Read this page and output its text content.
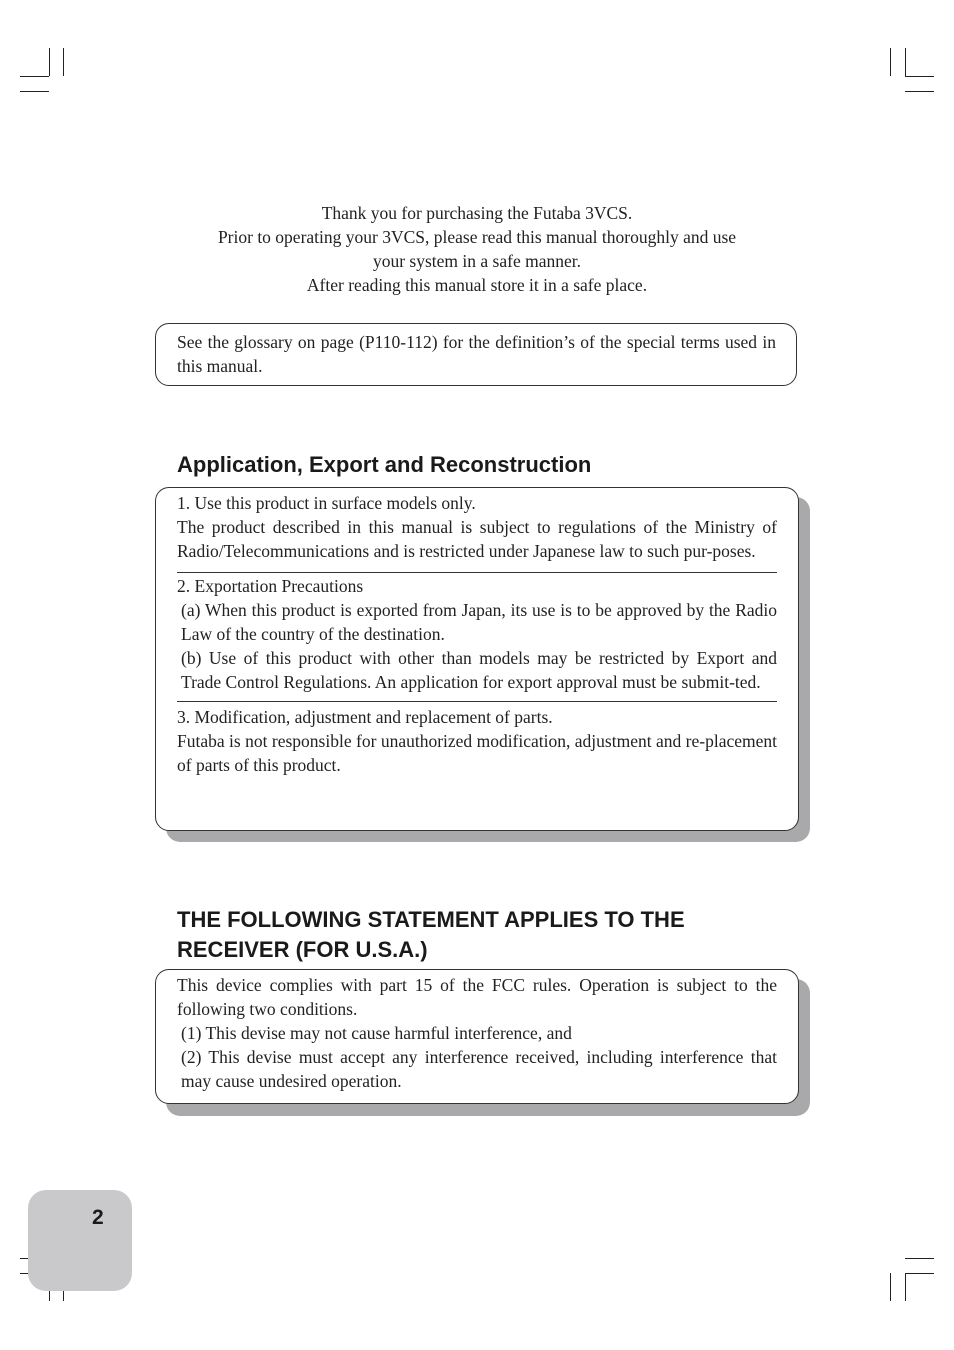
Thank you for purchasing the Futaba 3VCS.

Prior to operating your 3VCS, please read this manual thoroughly and use

your system in a safe manner.

After reading this manual store it in a safe place.

See the glossary on page (P110-112) for the definition’s of the special terms used in this manual.
Application, Export and Reconstruction

1. Use this product in surface models only.

The product described in this manual is subject to regulations of the Ministry of Radio/Telecommunications and is restricted under Japanese law to such pur-poses.

2. Exportation Precautions

(a) When this product is exported from Japan, its use is to be approved by the Radio Law of the country of the destination.

(b) Use of this product with other than models may be restricted by Export and Trade Control Regulations. An application for export approval must be submit-ted.

3. Modification, adjustment and replacement of parts.

Futaba is not responsible for unauthorized modification, adjustment and re-placement of parts of this product.

THE FOLLOWING STATEMENT APPLIES TO THE
RECEIVER (FOR U.S.A.)

This device complies with part 15 of the FCC rules. Operation is subject to the following two conditions.

(1) This devise may not cause harmful interference, and

(2) This devise must accept any interference received, including interference that may cause undesired operation.

2
